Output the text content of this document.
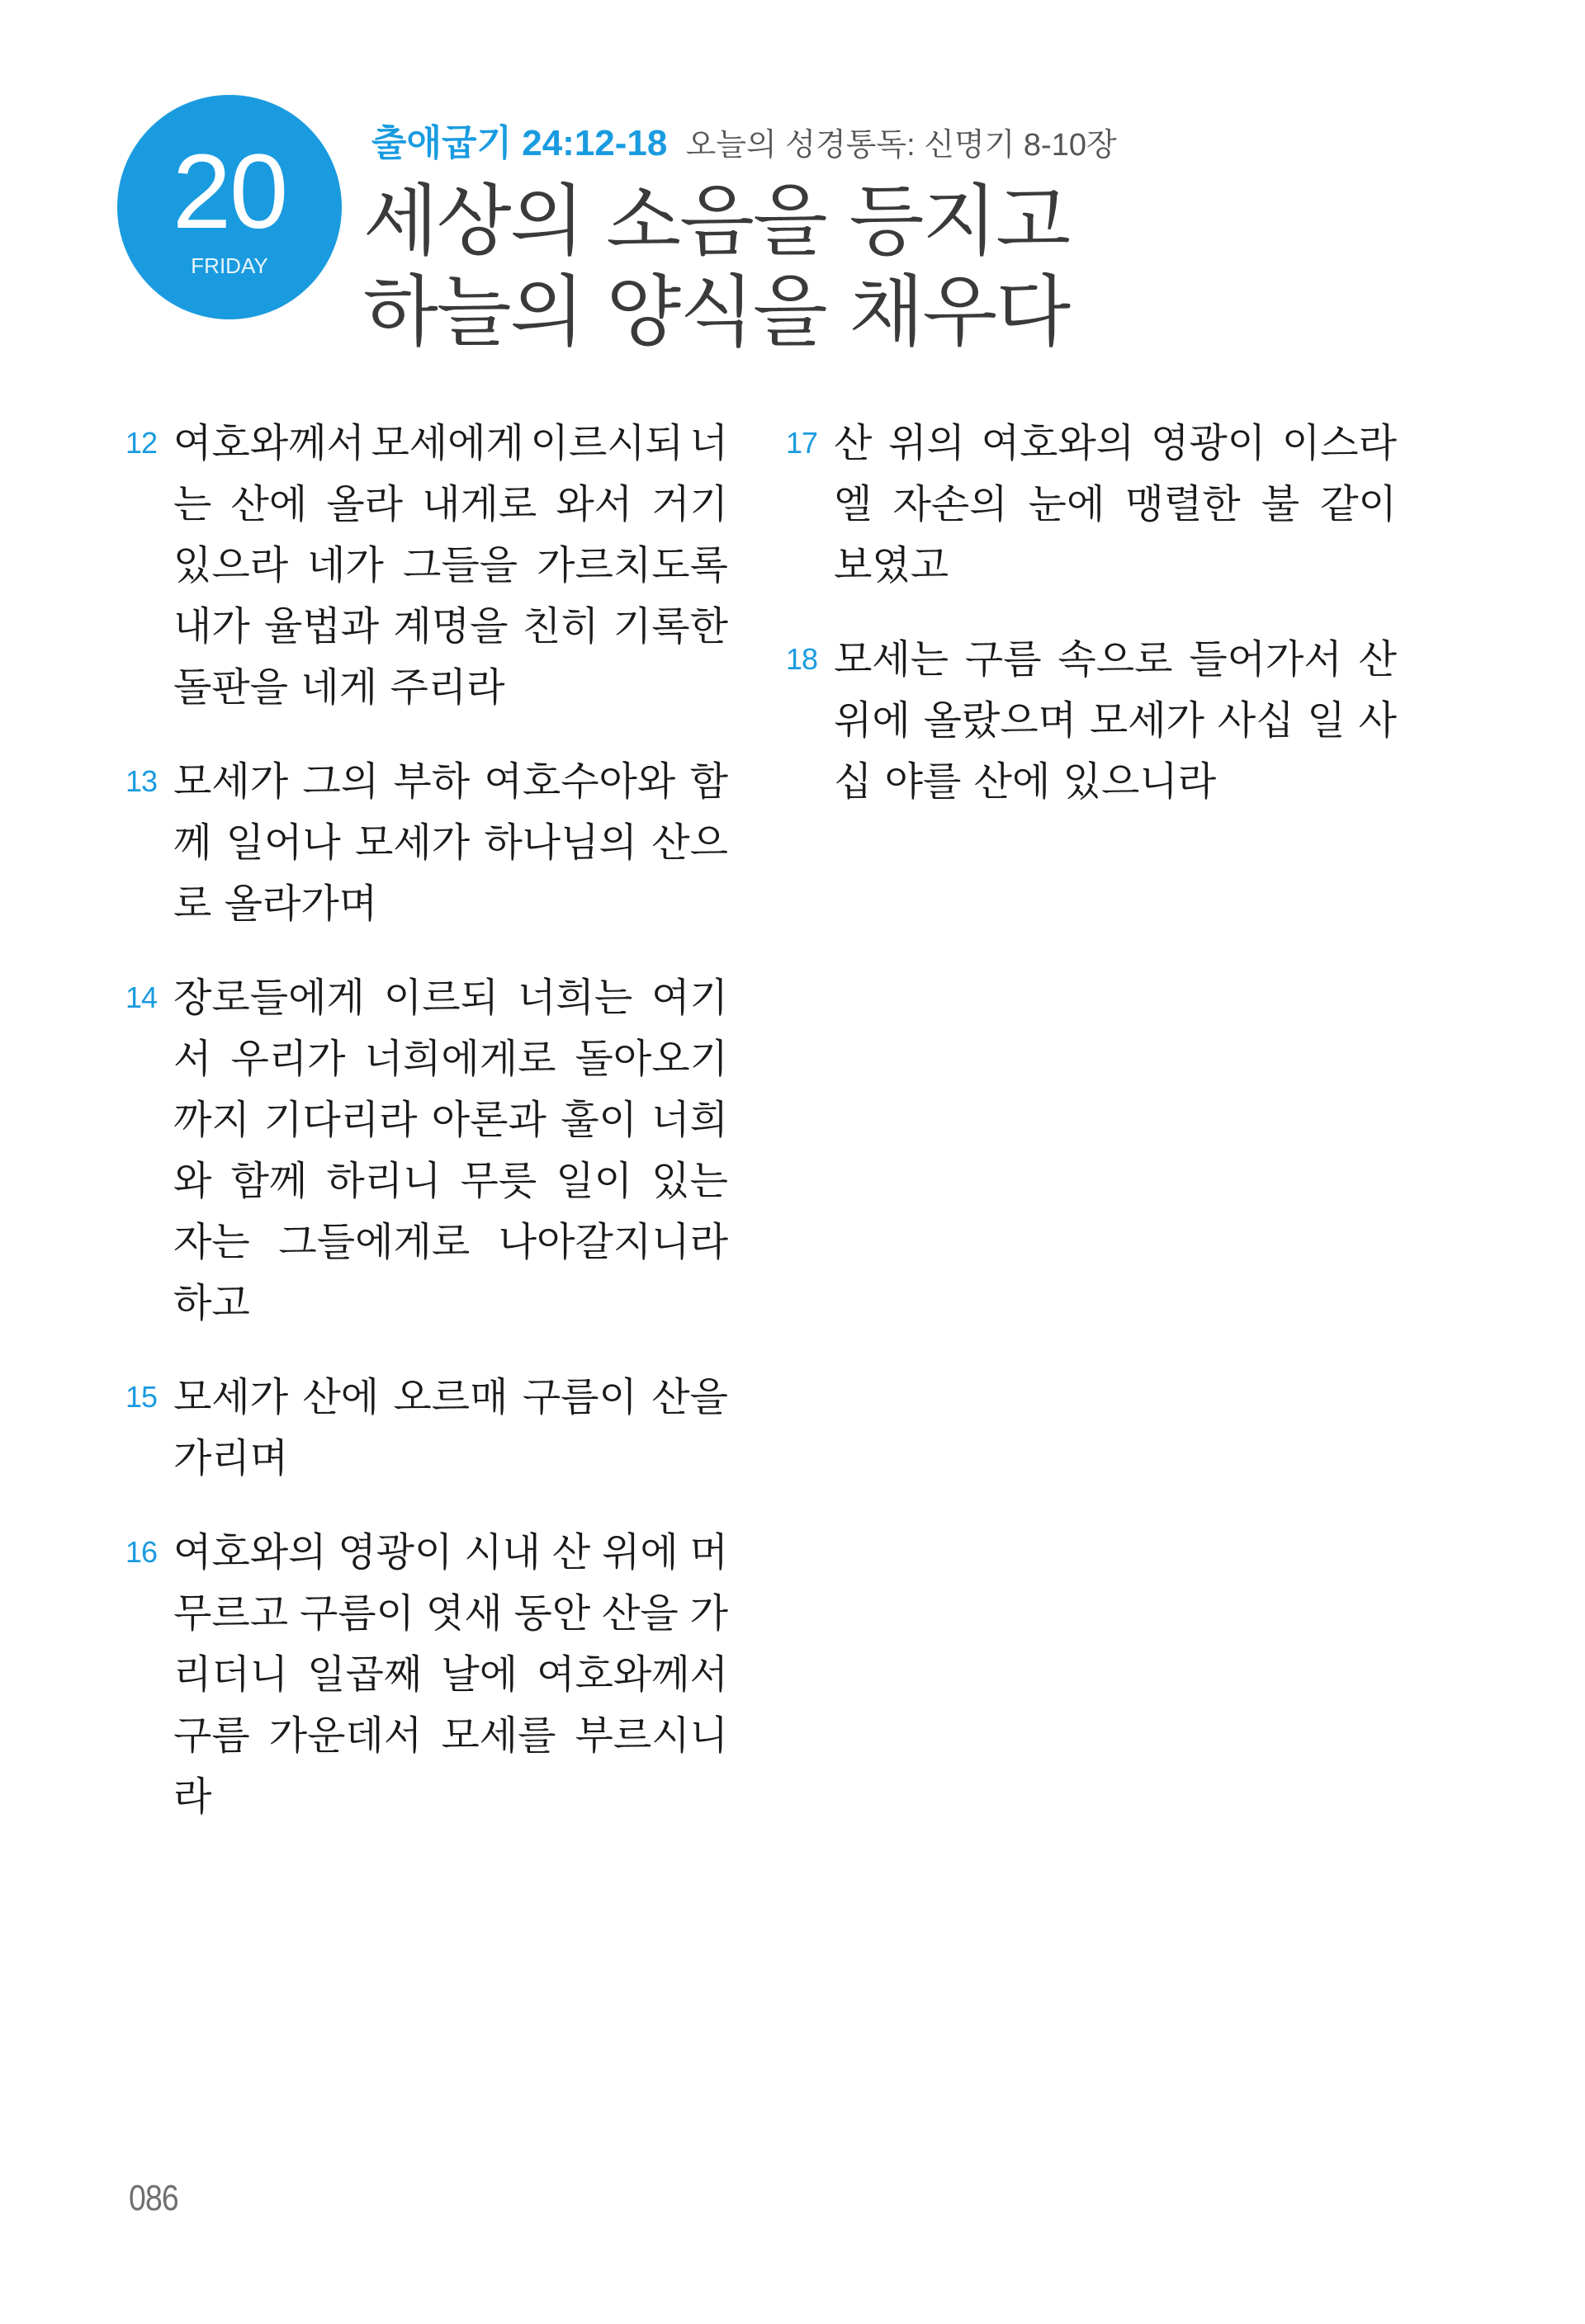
20
FRIDAY
출애굽기 24:12-18 오늘의 성경통독: 신명기 8-10장
세상의 소음을 등지고
하늘의 양식을 채우다
12 여호와께서 모세에게 이르시되 너
는 산에 올라 내게로 와서 거기
있으라 네가 그들을 가르치도록
내가 율법과 계명을 친히 기록한
돌판을 네게 주리라
13 모세가 그의 부하 여호수아와 함
께 일어나 모세가 하나님의 산으
로 올라가며
14 장로들에게 이르되 너희는 여기
서 우리가 너희에게로 돌아오기
까지 기다리라 아론과 훌이 너희
와 함께 하리니 무릇 일이 있는
자는 그들에게로 나아갈지니라
하고
15 모세가 산에 오르매 구름이 산을
가리며
16 여호와의 영광이 시내 산 위에 머
무르고 구름이 엿새 동안 산을 가
리더니 일곱째 날에 여호와께서
구름 가운데서 모세를 부르시니
라
17 산 위의 여호와의 영광이 이스라
엘 자손의 눈에 맹렬한 불 같이
보였고
18 모세는 구름 속으로 들어가서 산
위에 올랐으며 모세가 사십 일 사
십 야를 산에 있으니라
086
